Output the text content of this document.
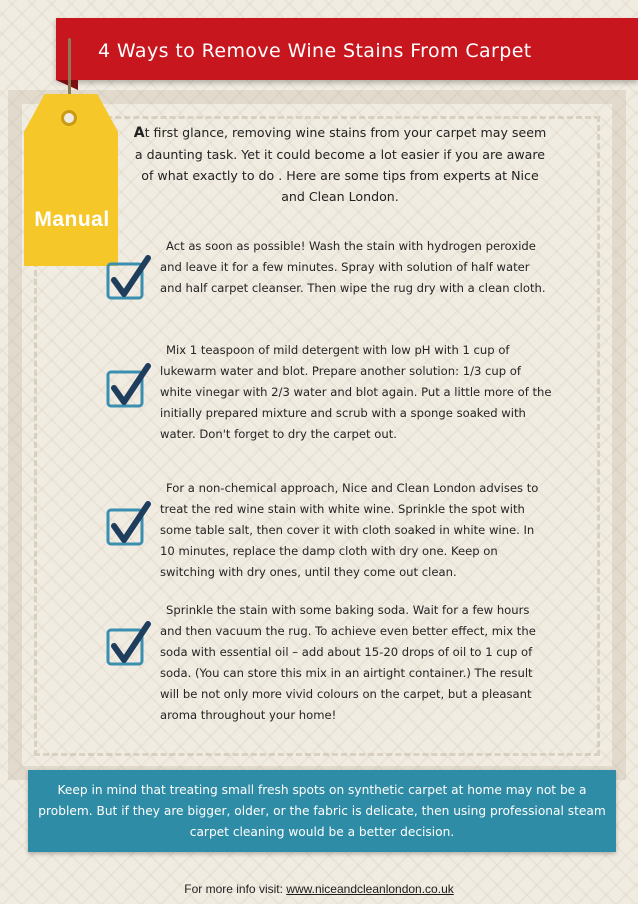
4 Ways to Remove Wine Stains From Carpet
Manual
At first glance, removing wine stains from your carpet may seem a daunting task. Yet it could become a lot easier if you are aware of what exactly to do . Here are some tips from experts at Nice and Clean London.
Act as soon as possible! Wash the stain with hydrogen peroxide and leave it for a few minutes. Spray with solution of half water and half carpet cleanser. Then wipe the rug dry with a clean cloth.
Mix 1 teaspoon of mild detergent with low pH with 1 cup of lukewarm water and blot. Prepare another solution: 1/3 cup of white vinegar with 2/3 water and blot again. Put a little more of the initially prepared mixture and scrub with a sponge soaked with water. Don't forget to dry the carpet out.
For a non-chemical approach, Nice and Clean London advises to treat the red wine stain with white wine. Sprinkle the spot with some table salt, then cover it with cloth soaked in white wine. In 10 minutes, replace the damp cloth with dry one. Keep on switching with dry ones, until they come out clean.
Sprinkle the stain with some baking soda. Wait for a few hours and then vacuum the rug. To achieve even better effect, mix the soda with essential oil – add about 15-20 drops of oil to 1 cup of soda. (You can store this mix in an airtight container.) The result will be not only more vivid colours on the carpet, but a pleasant aroma throughout your home!
Keep in mind that treating small fresh spots on synthetic carpet at home may not be a problem. But if they are bigger, older, or the fabric is delicate, then using professional steam carpet cleaning would be a better decision.
For more info visit: www.niceandcleanlondon.co.uk
